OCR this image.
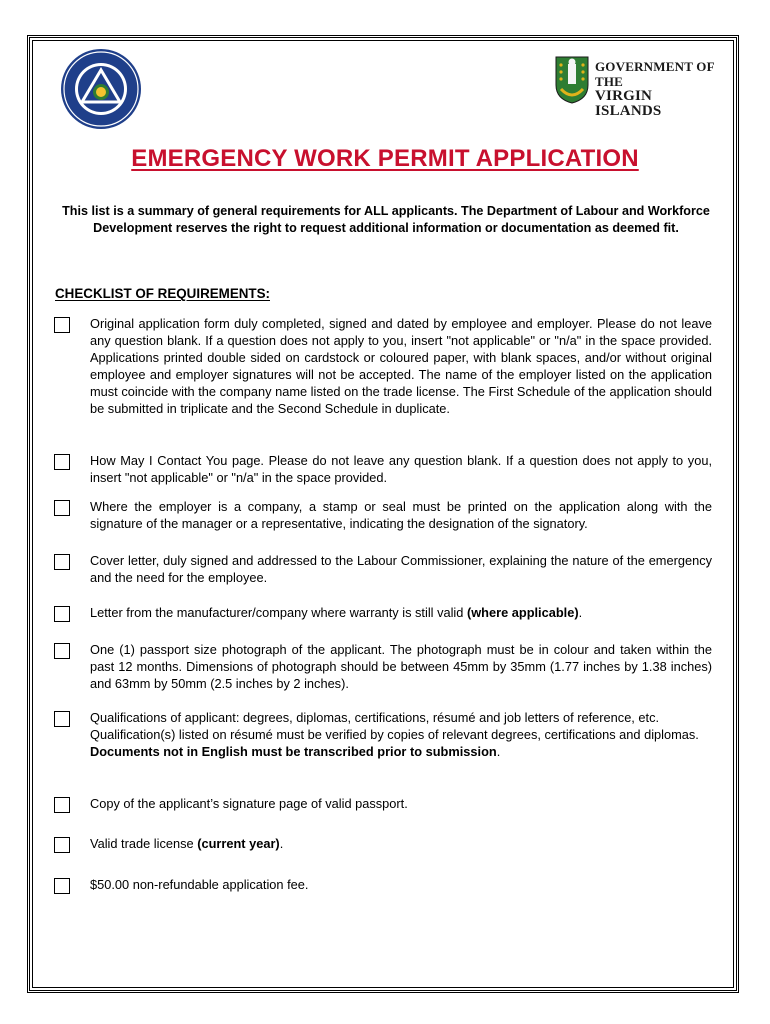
GOVERNMENT OF THE
VIRGIN ISLANDS
EMERGENCY WORK PERMIT APPLICATION
This list is a summary of general requirements for ALL applicants. The Department of Labour and Workforce Development reserves the right to request additional information or documentation as deemed fit.
CHECKLIST OF REQUIREMENTS:
Original application form duly completed, signed and dated by employee and employer. Please do not leave any question blank. If a question does not apply to you, insert "not applicable" or "n/a" in the space provided. Applications printed double sided on cardstock or coloured paper, with blank spaces, and/or without original employee and employer signatures will not be accepted. The name of the employer listed on the application must coincide with the company name listed on the trade license. The First Schedule of the application should be submitted in triplicate and the Second Schedule in duplicate.
How May I Contact You page. Please do not leave any question blank. If a question does not apply to you, insert "not applicable" or "n/a" in the space provided.
Where the employer is a company, a stamp or seal must be printed on the application along with the signature of the manager or a representative, indicating the designation of the signatory.
Cover letter, duly signed and addressed to the Labour Commissioner, explaining the nature of the emergency and the need for the employee.
Letter from the manufacturer/company where warranty is still valid (where applicable).
One (1) passport size photograph of the applicant. The photograph must be in colour and taken within the past 12 months. Dimensions of photograph should be between 45mm by 35mm (1.77 inches by 1.38 inches) and 63mm by 50mm (2.5 inches by 2 inches).
Qualifications of applicant: degrees, diplomas, certifications, résumé and job letters of reference, etc. Qualification(s) listed on résumé must be verified by copies of relevant degrees, certifications and diplomas. Documents not in English must be transcribed prior to submission.
Copy of the applicant’s signature page of valid passport.
Valid trade license (current year).
$50.00 non-refundable application fee.
